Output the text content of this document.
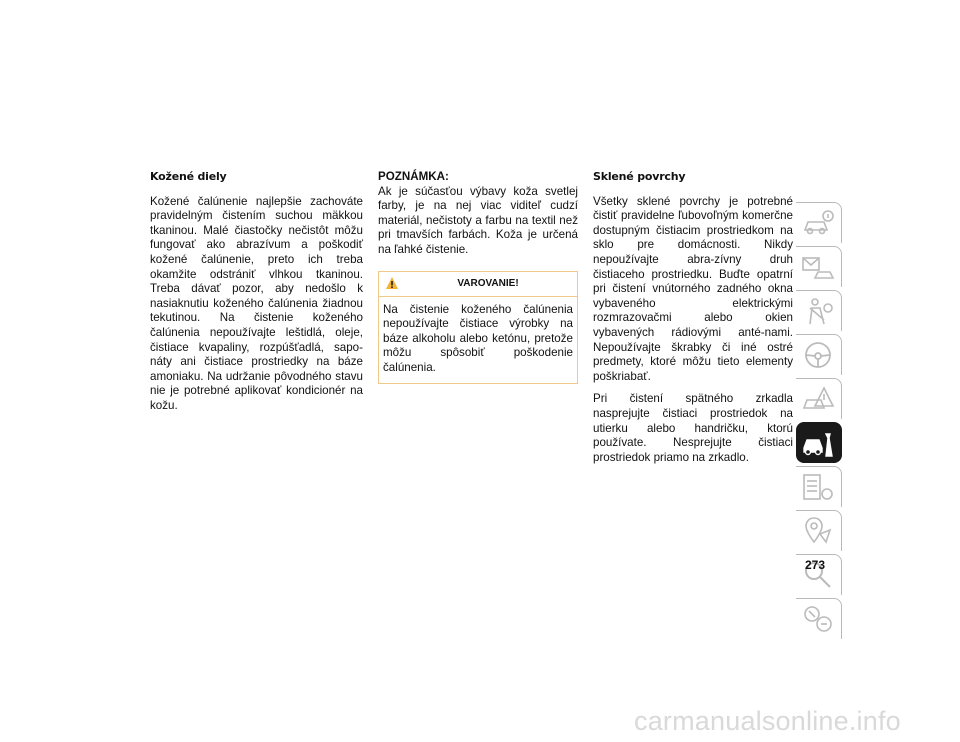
Kožené diely

Kožené čalúnenie najlepšie zachováte pravidelným čistením suchou mäkkou tkaninou. Malé čiastočky nečistôt môžu fungovať ako abrazívum a poškodiť kožené čalúnenie, preto ich treba okamžite odstrániť vlhkou tkaninou. Treba dávať pozor, aby nedošlo k nasiaknutiu koženého čalúnenia žiadnou tekutinou. Na čistenie koženého čalúnenia nepoužívajte leštidlá, oleje, čistiace kvapaliny, rozpúšťadlá, sapo-náty ani čistiace prostriedky na báze amoniaku. Na udržanie pôvodného stavu nie je potrebné aplikovať kondicionér na kožu.

POZNÁMKA:

Ak je súčasťou výbavy koža svetlej farby, je na nej viac viditeľ cudzí materiál, nečistoty a farbu na textil než pri tmavších farbách. Koža je určená na ľahké čistenie.

VAROVANIE!
Na čistenie koženého čalúnenia nepoužívajte čistiace výrobky na báze alkoholu alebo ketónu, pretože môžu spôsobiť poškodenie čalúnenia.

Sklené povrchy

Všetky sklené povrchy je potrebné čistiť pravidelne ľubovoľným komerčne dostupným čistiacim prostriedkom na sklo pre domácnosti. Nikdy nepoužívajte abra-zívny druh čistiaceho prostriedku. Buďte opatrní pri čistení vnútorného zadného okna vybaveného elektrickými rozmrazovačmi alebo okien vybavených rádiovými anté-nami. Nepoužívajte škrabky či iné ostré predmety, ktoré môžu tieto elementy poškriabať.

Pri čistení spätného zrkadla nasprejujte čistiaci prostriedok na utierku alebo handričku, ktorú používate. Nesprejujte čistiaci prostriedok priamo na zrkadlo.

273
carmanualsonline.info
